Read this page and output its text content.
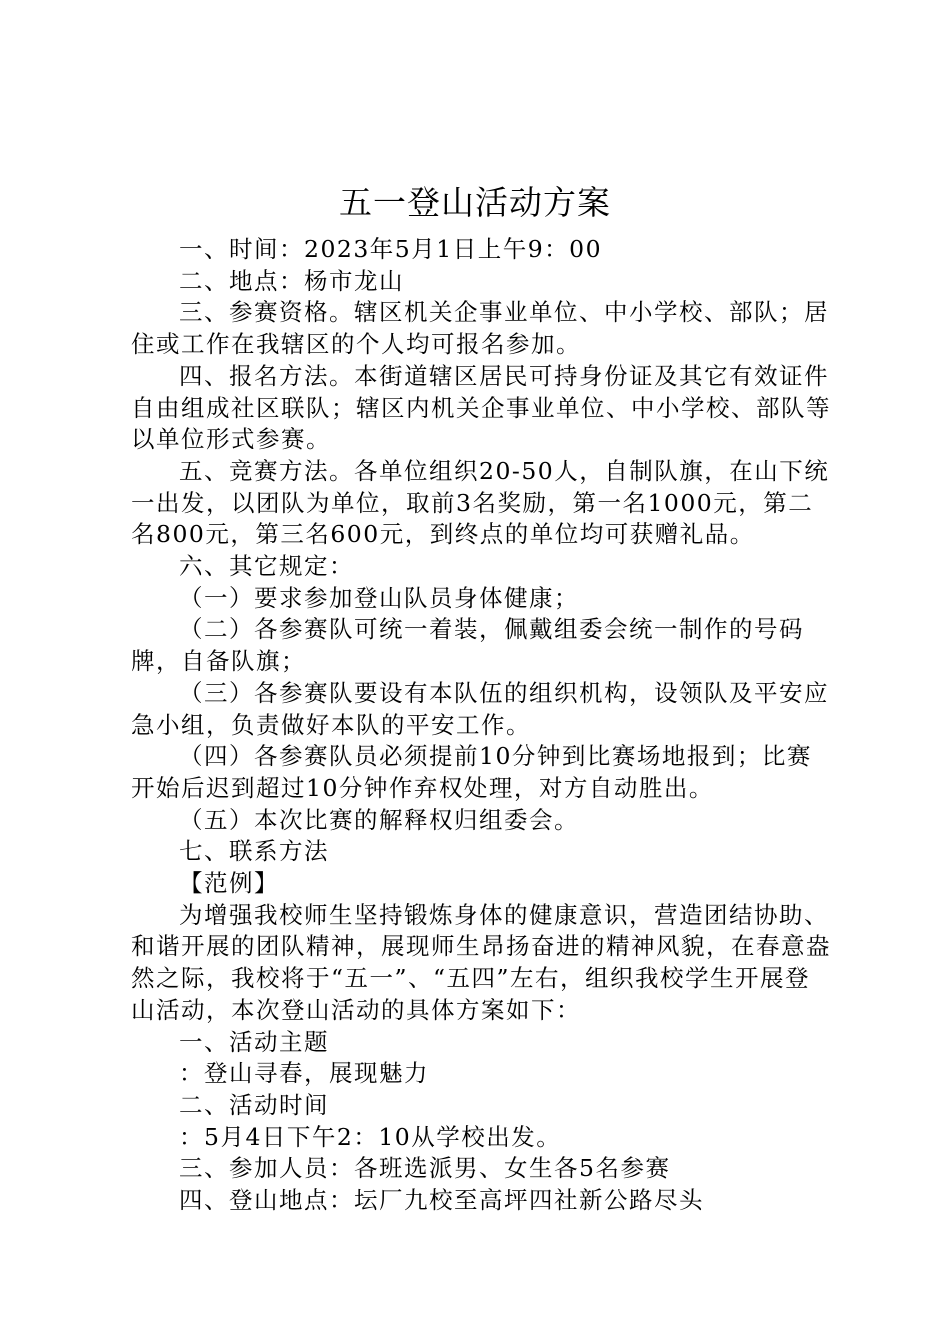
五一登山活动方案

一、时间：2023年5月1日上午9：00

二、地点：杨市龙山

三、参赛资格。辖区机关企事业单位、中小学校、部队；居住或工作在我辖区的个人均可报名参加。

四、报名方法。本街道辖区居民可持身份证及其它有效证件自由组成社区联队；辖区内机关企事业单位、中小学校、部队等以单位形式参赛。

五、竞赛方法。各单位组织20-50人，自制队旗，在山下统一出发，以团队为单位，取前3名奖励，第一名1000元，第二名800元，第三名600元，到终点的单位均可获赠礼品。

六、其它规定：

（一）要求参加登山队员身体健康；

（二）各参赛队可统一着装，佩戴组委会统一制作的号码牌，自备队旗；

（三）各参赛队要设有本队伍的组织机构，设领队及平安应急小组，负责做好本队的平安工作。

（四）各参赛队员必须提前10分钟到比赛场地报到；比赛开始后迟到超过10分钟作弃权处理，对方自动胜出。

（五）本次比赛的解释权归组委会。

七、联系方法

【范例】

为增强我校师生坚持锻炼身体的健康意识，营造团结协助、和谐开展的团队精神，展现师生昂扬奋进的精神风貌，在春意盎然之际，我校将于“五一”、“五四”左右，组织我校学生开展登山活动，本次登山活动的具体方案如下：

一、活动主题

：登山寻春，展现魅力

二、活动时间

：5月4日下午2：10从学校出发。

三、参加人员：各班选派男、女生各5名参赛

四、登山地点：坛厂九校至高坪四社新公路尽头
